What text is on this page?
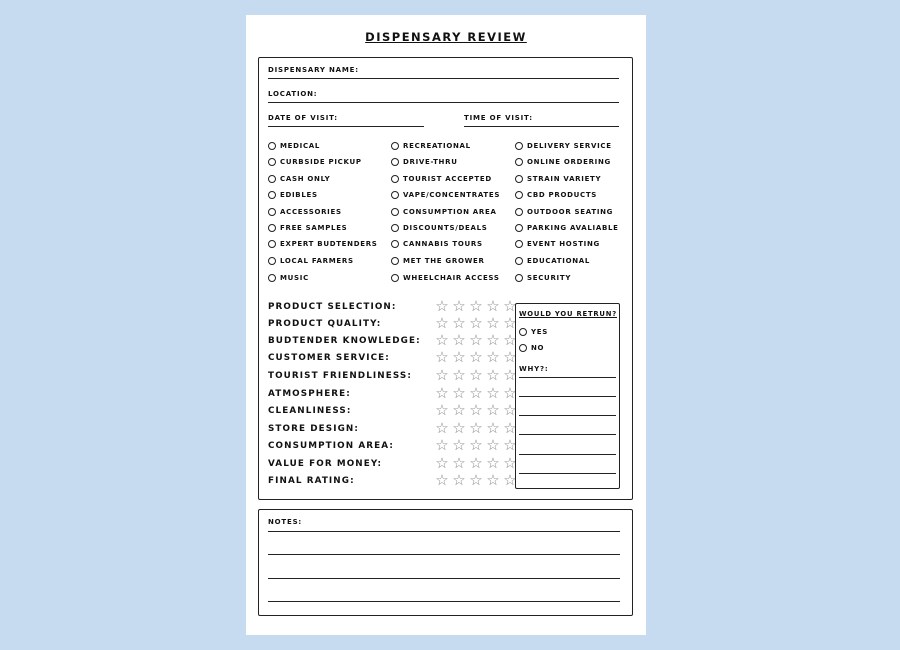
DISPENSARY REVIEW
DISPENSARY NAME:
LOCATION:
DATE OF VISIT:	TIME OF VISIT:
MEDICAL
CURBSIDE PICKUP
CASH ONLY
EDIBLES
ACCESSORIES
FREE SAMPLES
EXPERT BUDTENDERS
LOCAL FARMERS
MUSIC
RECREATIONAL
DRIVE-THRU
TOURIST ACCEPTED
VAPE/CONCENTRATES
CONSUMPTION AREA
DISCOUNTS/DEALS
CANNABIS TOURS
MET THE GROWER
WHEELCHAIR ACCESS
DELIVERY SERVICE
ONLINE ORDERING
STRAIN VARIETY
CBD PRODUCTS
OUTDOOR SEATING
PARKING AVALIABLE
EVENT HOSTING
EDUCATIONAL
SECURITY
PRODUCT SELECTION:	☆ ☆ ☆ ☆ ☆
PRODUCT QUALITY:	☆ ☆ ☆ ☆ ☆
BUDTENDER KNOWLEDGE: ☆ ☆ ☆ ☆ ☆
CUSTOMER SERVICE:	☆ ☆ ☆ ☆ ☆
TOURIST FRIENDLINESS: ☆ ☆ ☆ ☆ ☆
ATMOSPHERE:	☆ ☆ ☆ ☆ ☆
CLEANLINESS:	☆ ☆ ☆ ☆ ☆
STORE DESIGN:	☆ ☆ ☆ ☆ ☆
CONSUMPTION AREA:	☆ ☆ ☆ ☆ ☆
VALUE FOR MONEY:	☆ ☆ ☆ ☆ ☆
FINAL RATING:	☆ ☆ ☆ ☆ ☆
WOULD YOU RETRUN?
YES
NO
WHY?:
NOTES:
